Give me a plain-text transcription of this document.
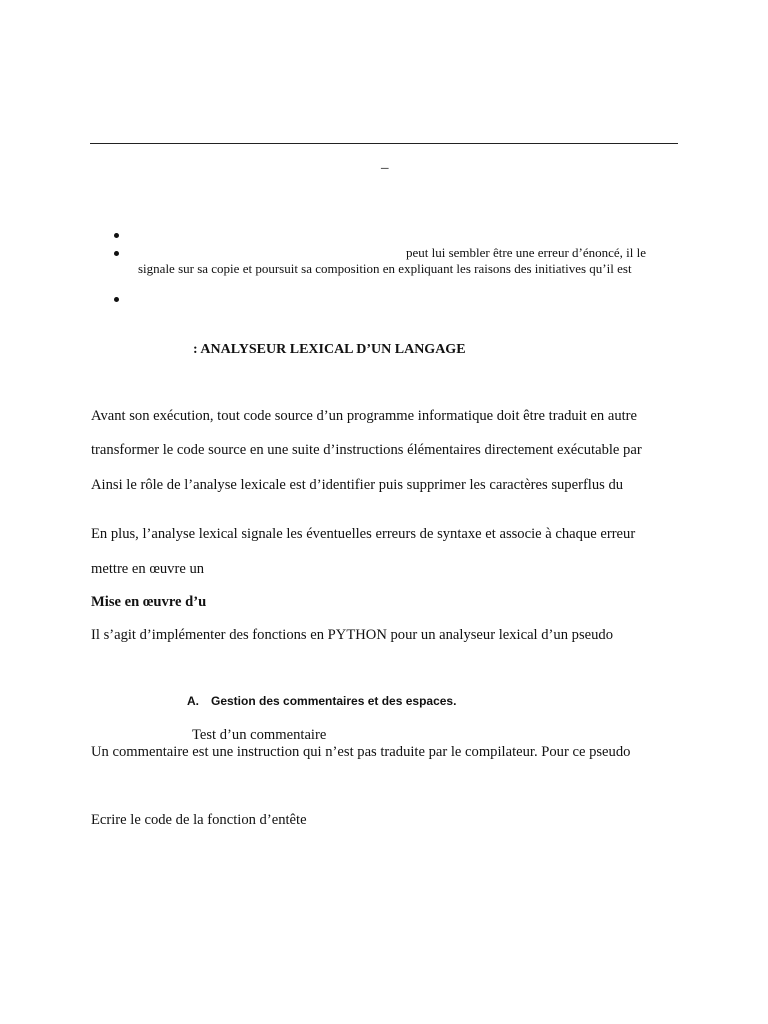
–
peut lui sembler être une erreur d’énoncé, il le
signale sur sa copie et poursuit sa composition en expliquant les raisons des initiatives qu’il est
: ANALYSEUR LEXICAL D’UN LANGAGE
Avant son exécution, tout code source d’un programme informatique doit être traduit en autre
transformer le code source en une suite d’instructions élémentaires directement exécutable par
Ainsi le rôle de l’analyse lexicale est d’identifier puis supprimer les caractères superflus du
En plus, l’analyse lexical signale les éventuelles erreurs de syntaxe et associe à chaque erreur
mettre en œuvre un
Mise en œuvre d’u
Il s’agit d’implémenter des fonctions en PYTHON pour un analyseur lexical d’un pseudo
A. Gestion des commentaires et des espaces.
Test d’un commentaire
Un commentaire est une instruction qui n’est pas traduite par le compilateur. Pour ce pseudo
Ecrire le code de la fonction d’entête
